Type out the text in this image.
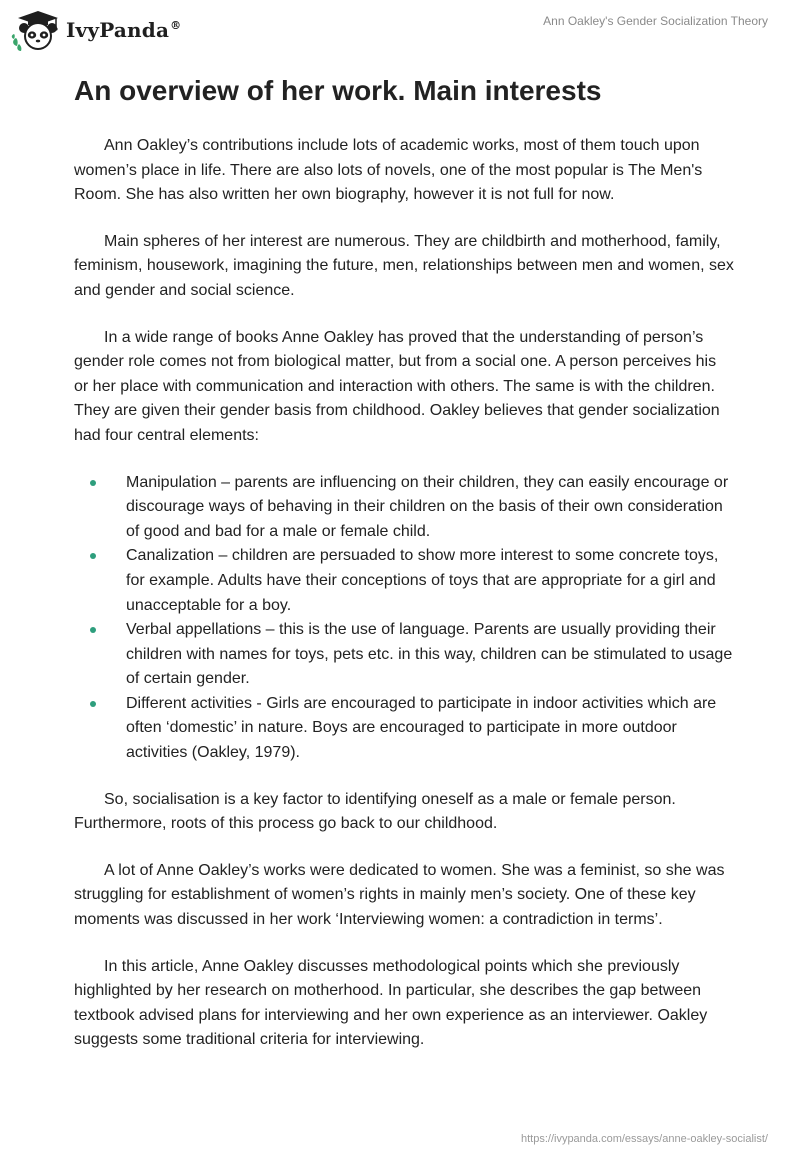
IvyPanda®	Ann Oakley's Gender Socialization Theory
An overview of her work. Main interests

Ann Oakley’s contributions include lots of academic works, most of them touch upon women’s place in life. There are also lots of novels, one of the most popular is The Men's Room. She has also written her own biography, however it is not full for now.

Main spheres of her interest are numerous. They are childbirth and motherhood, family, feminism, housework, imagining the future, men, relationships between men and women, sex and gender and social science.

In a wide range of books Anne Oakley has proved that the understanding of person’s gender role comes not from biological matter, but from a social one. A person perceives his or her place with communication and interaction with others. The same is with the children. They are given their gender basis from childhood. Oakley believes that gender socialization had four central elements:

Manipulation – parents are influencing on their children, they can easily encourage or discourage ways of behaving in their children on the basis of their own consideration of good and bad for a male or female child.
Canalization – children are persuaded to show more interest to some concrete toys, for example. Adults have their conceptions of toys that are appropriate for a girl and unacceptable for a boy.
Verbal appellations – this is the use of language. Parents are usually providing their children with names for toys, pets etc. in this way, children can be stimulated to usage of certain gender.
Different activities - Girls are encouraged to participate in indoor activities which are often ‘domestic’ in nature. Boys are encouraged to participate in more outdoor activities (Oakley, 1979).

So, socialisation is a key factor to identifying oneself as a male or female person. Furthermore, roots of this process go back to our childhood.

A lot of Anne Oakley’s works were dedicated to women. She was a feminist, so she was struggling for establishment of women’s rights in mainly men’s society. One of these key moments was discussed in her work ‘Interviewing women: a contradiction in terms’.

In this article, Anne Oakley discusses methodological points which she previously highlighted by her research on motherhood. In particular, she describes the gap between textbook advised plans for interviewing and her own experience as an interviewer. Oakley suggests some traditional criteria for interviewing.

https://ivypanda.com/essays/anne-oakley-socialist/
